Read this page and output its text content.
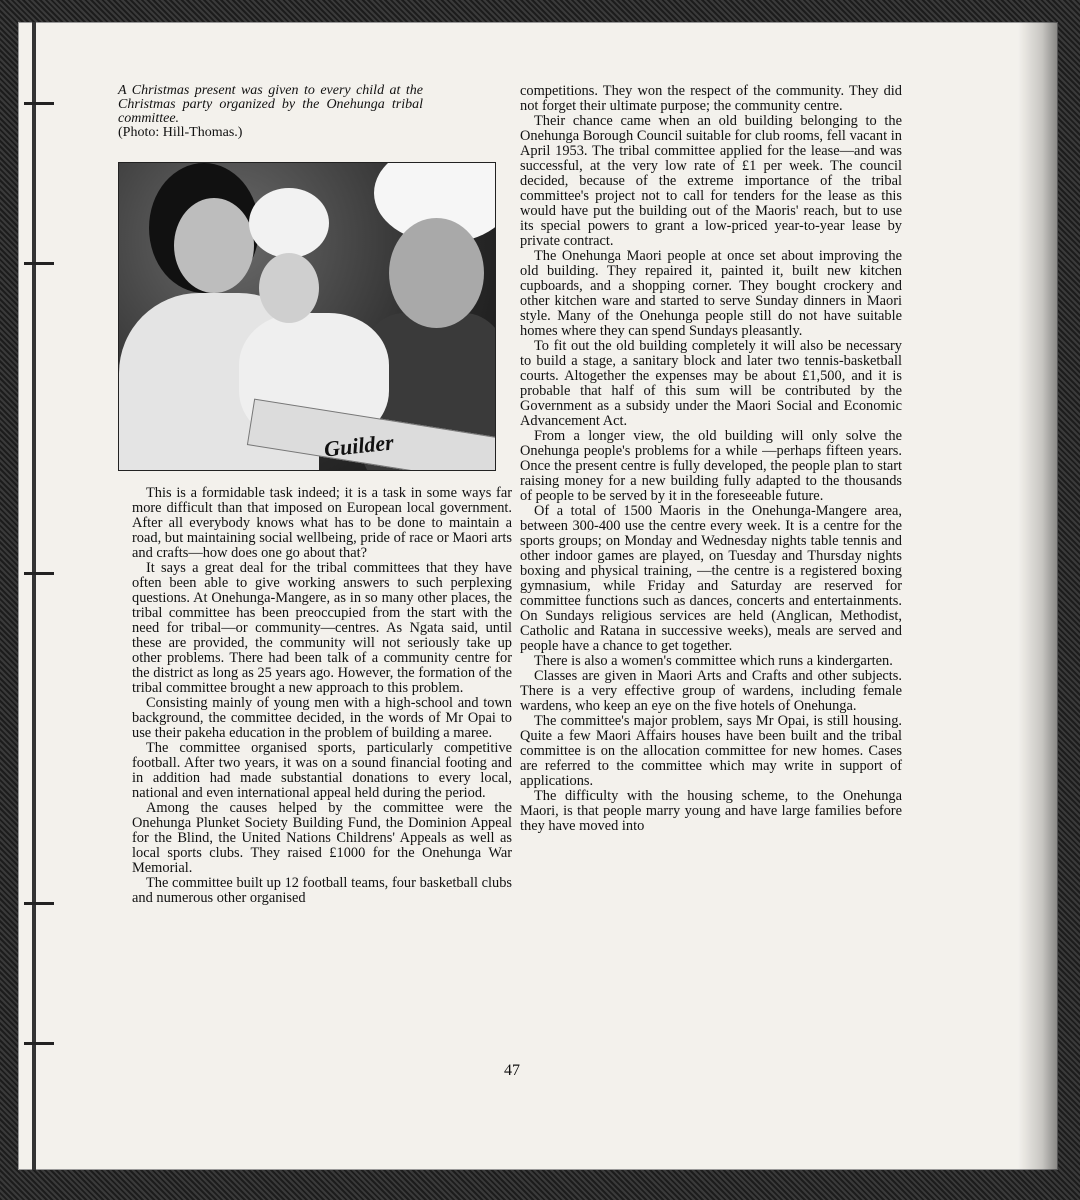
A Christmas present was given to every child at the Christmas party organized by the Onehunga tribal committee.
(Photo: Hill-Thomas.)
Guilder

This is a formidable task indeed; it is a task in some ways far more difficult than that imposed on European local government. After all everybody knows what has to be done to maintain a road, but maintaining social wellbeing, pride of race or Maori arts and crafts—how does one go about that?

It says a great deal for the tribal committees that they have often been able to give working answers to such perplexing questions. At Onehunga-Mangere, as in so many other places, the tribal committee has been preoccupied from the start with the need for tribal—or community—centres. As Ngata said, until these are provided, the community will not seriously take up other problems. There had been talk of a community centre for the district as long as 25 years ago. However, the formation of the tribal committee brought a new approach to this problem.

Consisting mainly of young men with a high-school and town background, the committee decided, in the words of Mr Opai to use their pakeha education in the problem of building a maree.

The committee organised sports, particularly competitive football. After two years, it was on a sound financial footing and in addition had made substantial donations to every local, national and even international appeal held during the period.

Among the causes helped by the committee were the Onehunga Plunket Society Building Fund, the Dominion Appeal for the Blind, the United Nations Childrens' Appeals as well as local sports clubs. They raised £1000 for the Onehunga War Memorial.

The committee built up 12 football teams, four basketball clubs and numerous other organised

competitions. They won the respect of the community. They did not forget their ultimate purpose; the community centre.

Their chance came when an old building belonging to the Onehunga Borough Council suitable for club rooms, fell vacant in April 1953. The tribal committee applied for the lease—and was successful, at the very low rate of £1 per week. The council decided, because of the extreme importance of the tribal committee's project not to call for tenders for the lease as this would have put the building out of the Maoris' reach, but to use its special powers to grant a low-priced year-to-year lease by private contract.

The Onehunga Maori people at once set about improving the old building. They repaired it, painted it, built new kitchen cupboards, and a shopping corner. They bought crockery and other kitchen ware and started to serve Sunday dinners in Maori style. Many of the Onehunga people still do not have suitable homes where they can spend Sundays pleasantly.

To fit out the old building completely it will also be necessary to build a stage, a sanitary block and later two tennis-basketball courts. Altogether the expenses may be about £1,500, and it is probable that half of this sum will be contributed by the Government as a subsidy under the Maori Social and Economic Advancement Act.

From a longer view, the old building will only solve the Onehunga people's problems for a while —perhaps fifteen years. Once the present centre is fully developed, the people plan to start raising money for a new building fully adapted to the thousands of people to be served by it in the foreseeable future.

Of a total of 1500 Maoris in the Onehunga-Mangere area, between 300-400 use the centre every week. It is a centre for the sports groups; on Monday and Wednesday nights table tennis and other indoor games are played, on Tuesday and Thursday nights boxing and physical training, —the centre is a registered boxing gymnasium, while Friday and Saturday are reserved for committee functions such as dances, concerts and entertainments. On Sundays religious services are held (Anglican, Methodist, Catholic and Ratana in successive weeks), meals are served and people have a chance to get together.

There is also a women's committee which runs a kindergarten.

Classes are given in Maori Arts and Crafts and other subjects. There is a very effective group of wardens, including female wardens, who keep an eye on the five hotels of Onehunga.

The committee's major problem, says Mr Opai, is still housing. Quite a few Maori Affairs houses have been built and the tribal committee is on the allocation committee for new homes. Cases are referred to the committee which may write in support of applications.

The difficulty with the housing scheme, to the Onehunga Maori, is that people marry young and have large families before they have moved into

47
